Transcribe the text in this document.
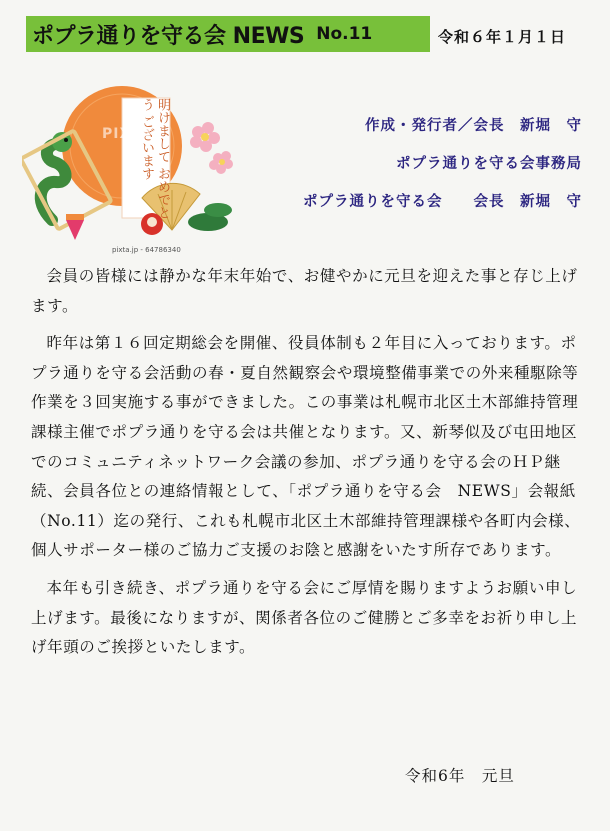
ポプラ通りを守る会 NEWS No.11	令和６年１月１日
明けまして おめでとう ございます
PIXTA
pixta.jp - 64786340
作成・発行者／会長　新堀　守
ポプラ通りを守る会事務局
ポプラ通りを守る会　　会長　新堀　守

会員の皆様には静かな年末年始で、お健やかに元旦を迎えた事と存じ上げます。

昨年は第１６回定期総会を開催、役員体制も２年目に入っております。ポプラ通りを守る会活動の春・夏自然観察会や環境整備事業での外来種駆除等作業を３回実施する事ができました。この事業は札幌市北区土木部維持管理課様主催でポプラ通りを守る会は共催となります。又、新琴似及び屯田地区でのコミュニティネットワーク会議の参加、ポプラ通りを守る会のＨＰ継続、会員各位との連絡情報として、「ポプラ通りを守る会　NEWS」会報紙（No.11）迄の発行、これも札幌市北区土木部維持管理課様や各町内会様、個人サポーター様のご協力ご支援のお陰と感謝をいたす所存であります。

本年も引き続き、ポプラ通りを守る会にご厚情を賜りますようお願い申し上げます。最後になりますが、関係者各位のご健勝とご多幸をお祈り申し上げ年頭のご挨拶といたします。

令和6年　元旦
